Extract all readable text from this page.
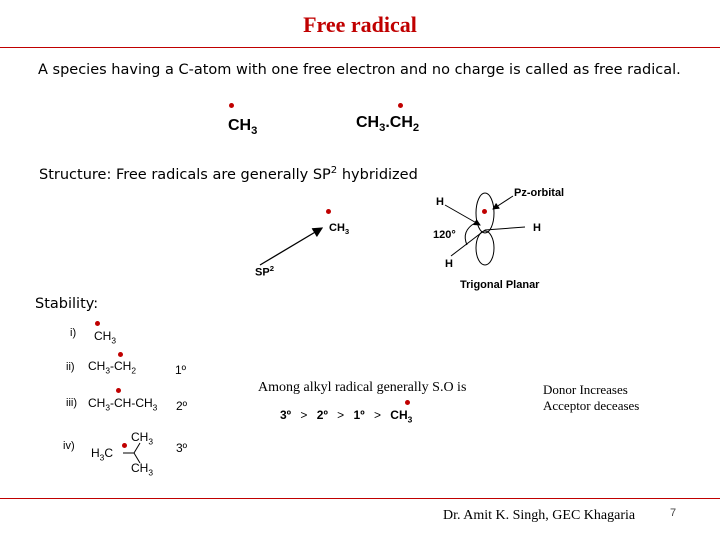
Free radical
A species having a C-atom with one free electron and no charge is called as free radical.
$CH_3$
$CH_3.CH_2$
Structure: Free radicals are generally $SP^2$ hybridized
$CH_3$
$SP^2$
Pz-orbital
H
H
H
120°
Trigonal Planar
Stability:
i) $CH_3$
ii) $CH_3-CH_2$	1º
iii) $CH_3-CH-CH_3$ 2º
iv)
$CH_3$
$H_3C$
$CH_3$
3º
Among alkyl radical generally S.O is
3º > 2º > 1º > $CH_3$
Donor Increases
Acceptor deceases
Dr. Amit K. Singh, GEC Khagaria	7
